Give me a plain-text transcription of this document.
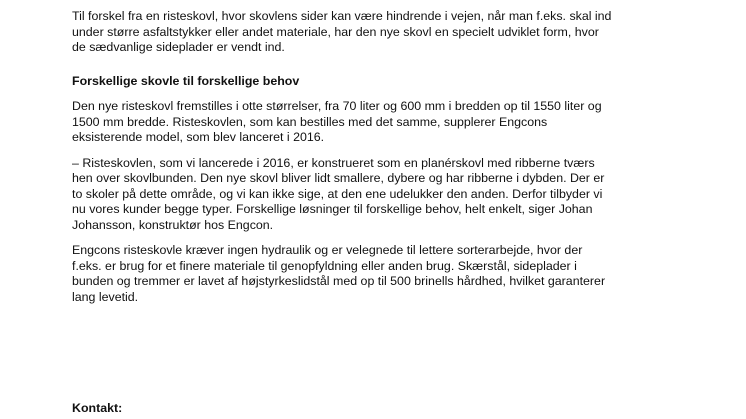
Til forskel fra en risteskovl, hvor skovlens sider kan være hindrende i vejen, når man f.eks. skal ind
under større asfaltstykker eller andet materiale, har den nye skovl en specielt udviklet form, hvor
de sædvanlige sideplader er vendt ind.

Forskellige skovle til forskellige behov

Den nye risteskovl fremstilles i otte størrelser, fra 70 liter og 600 mm i bredden op til 1550 liter og
1500 mm bredde. Risteskovlen, som kan bestilles med det samme, supplerer Engcons
eksisterende model, som blev lanceret i 2016.

– Risteskovlen, som vi lancerede i 2016, er konstrueret som en planérskovl med ribberne tværs
hen over skovlbunden. Den nye skovl bliver lidt smallere, dybere og har ribberne i dybden. Der er
to skoler på dette område, og vi kan ikke sige, at den ene udelukker den anden. Derfor tilbyder vi
nu vores kunder begge typer. Forskellige løsninger til forskellige behov, helt enkelt, siger Johan
Johansson, konstruktør hos Engcon.

Engcons risteskovle kræver ingen hydraulik og er velegnede til lettere sorterarbejde, hvor der
f.eks. er brug for et finere materiale til genopfyldning eller anden brug. Skærstål, sideplader i
bunden og tremmer er lavet af højstyrkeslidstål med op til 500 brinells hårdhed, hvilket garanterer
lang levetid.

Kontakt:
